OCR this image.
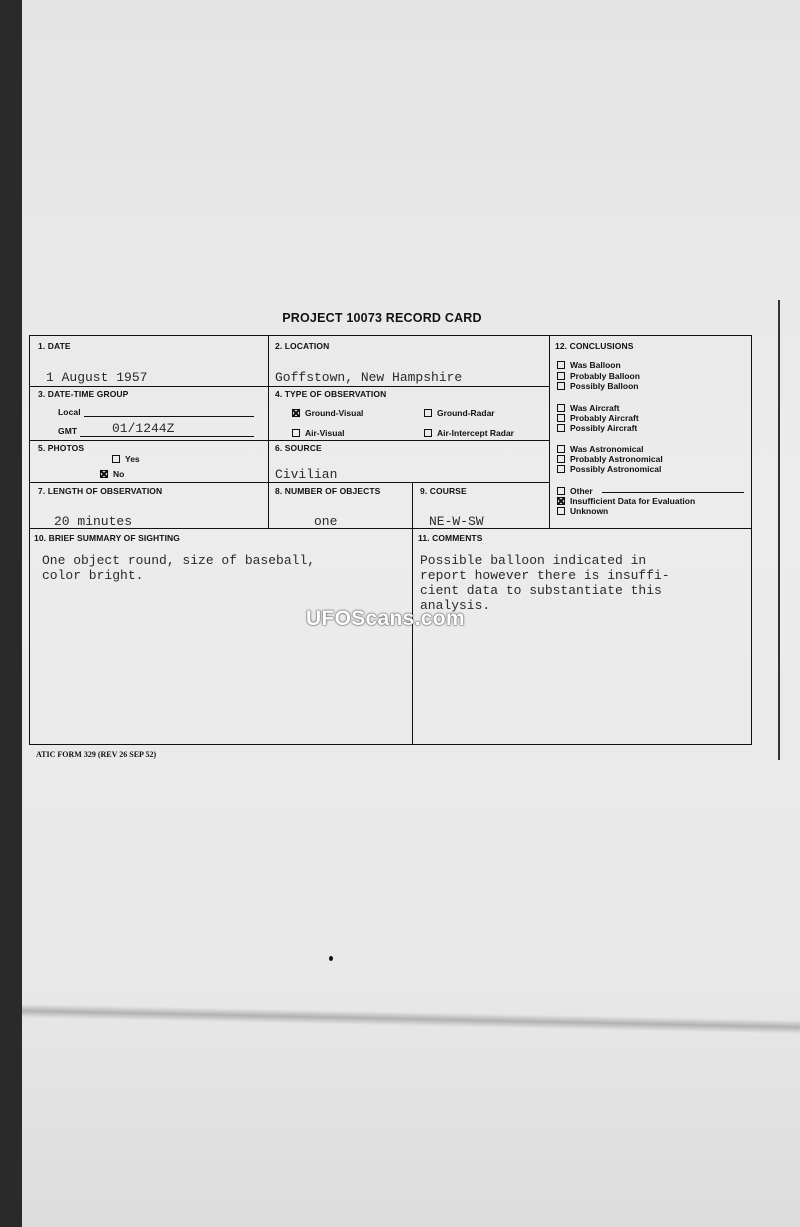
PROJECT 10073 RECORD CARD
1. DATE
1 August 1957
2. LOCATION
Goffstown, New Hampshire
3. DATE-TIME GROUP
Local
GMT	01/1244Z
4. TYPE OF OBSERVATION
Ground-Visual	Ground-Radar
Air-Visual	Air-Intercept Radar
5. PHOTOS
Yes
No
6. SOURCE
Civilian
7. LENGTH OF OBSERVATION
20 minutes
8. NUMBER OF OBJECTS
one
9. COURSE
NE-W-SW
12. CONCLUSIONS
Was Balloon
Probably Balloon
Possibly Balloon
Was Aircraft
Probably Aircraft
Possibly Aircraft
Was Astronomical
Probably Astronomical
Possibly Astronomical
Other
Insufficient Data for Evaluation
Unknown
10. BRIEF SUMMARY OF SIGHTING
One object round, size of baseball,
color bright.
11. COMMENTS
Possible balloon indicated in
report however there is insuffi-
cient data to substantiate this
analysis.
UFOScans.com
ATIC FORM 329 (REV 26 SEP 52)
